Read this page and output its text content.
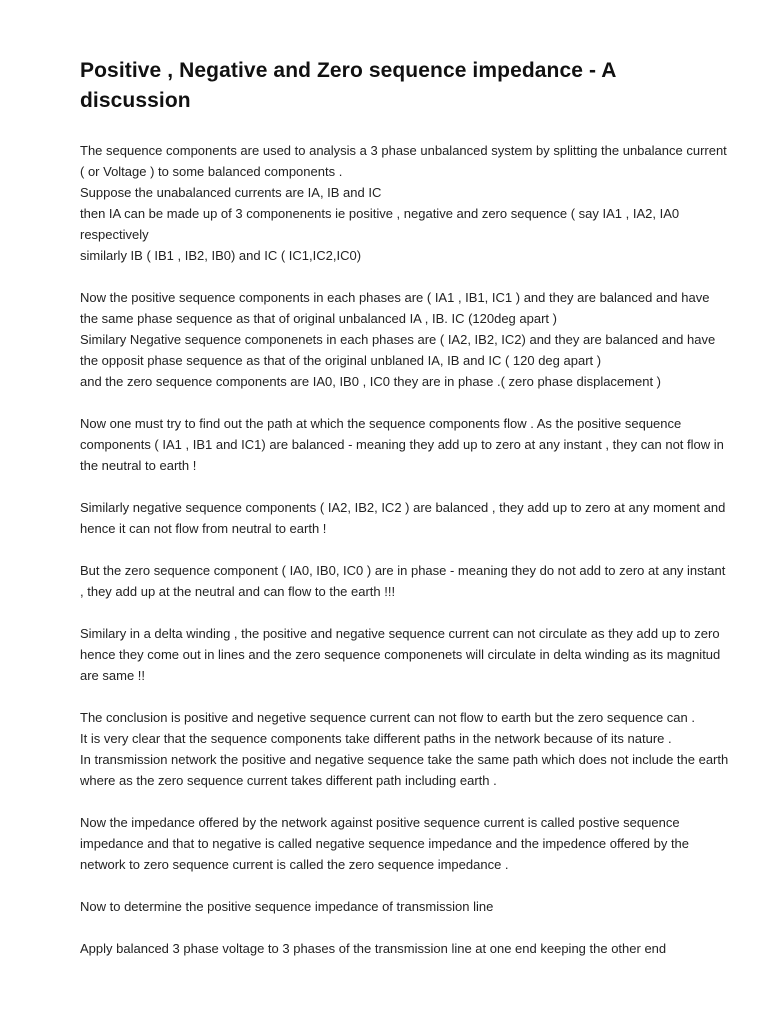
Positive , Negative and Zero sequence impedance - A discussion

The sequence components are used to analysis a 3 phase unbalanced system by splitting the unbalance current ( or Voltage ) to some balanced components .
Suppose the unabalanced currents are IA, IB and IC
then IA can be made up of 3 componenents ie positive , negative and zero sequence ( say IA1 , IA2, IA0 respectively
similarly IB ( IB1 , IB2, IB0) and IC ( IC1,IC2,IC0)

Now the positive sequence components in each phases are ( IA1 , IB1, IC1 ) and they are balanced and have the same phase sequence as that of original unbalanced IA , IB. IC (120deg apart )
Similary Negative sequence componenets in each phases are ( IA2, IB2, IC2) and they are balanced and have the opposit phase sequence as that of the original unblaned IA, IB and IC ( 120 deg apart )
and the zero sequence components are IA0, IB0 , IC0 they are in phase .( zero phase displacement )

Now one must try to find out the path at which the sequence components flow . As the positive sequence components ( IA1 , IB1 and IC1) are balanced - meaning they add up to zero at any instant , they can not flow in the neutral to earth !

Similarly negative sequence components ( IA2, IB2, IC2 ) are balanced , they add up to zero at any moment and hence it can not flow from neutral to earth !

But the zero sequence component ( IA0, IB0, IC0 ) are in phase - meaning they do not add to zero at any instant , they add up at the neutral and can flow to the earth !!!

Similary in a delta winding , the positive and negative sequence current can not circulate as they add up to zero hence they come out in lines and the zero sequence componenets will circulate in delta winding as its magnitud are same !!

The conclusion is positive and negetive sequence current can not flow to earth but the zero sequence can .
It is very clear that the sequence components take different paths in the network because of its nature .
In transmission network the positive and negative sequence take the same path which does not include the earth where as the zero sequence current takes different path including earth .

Now the impedance offered by the network against positive sequence current is called postive sequence impedance and that to negative is called negative sequence impedance and the impedence offered by the network to zero sequence current is called the zero sequence impedance .

Now to determine the positive sequence impedance of transmission line

Apply balanced 3 phase voltage to 3 phases of the transmission line at one end keeping the other end
